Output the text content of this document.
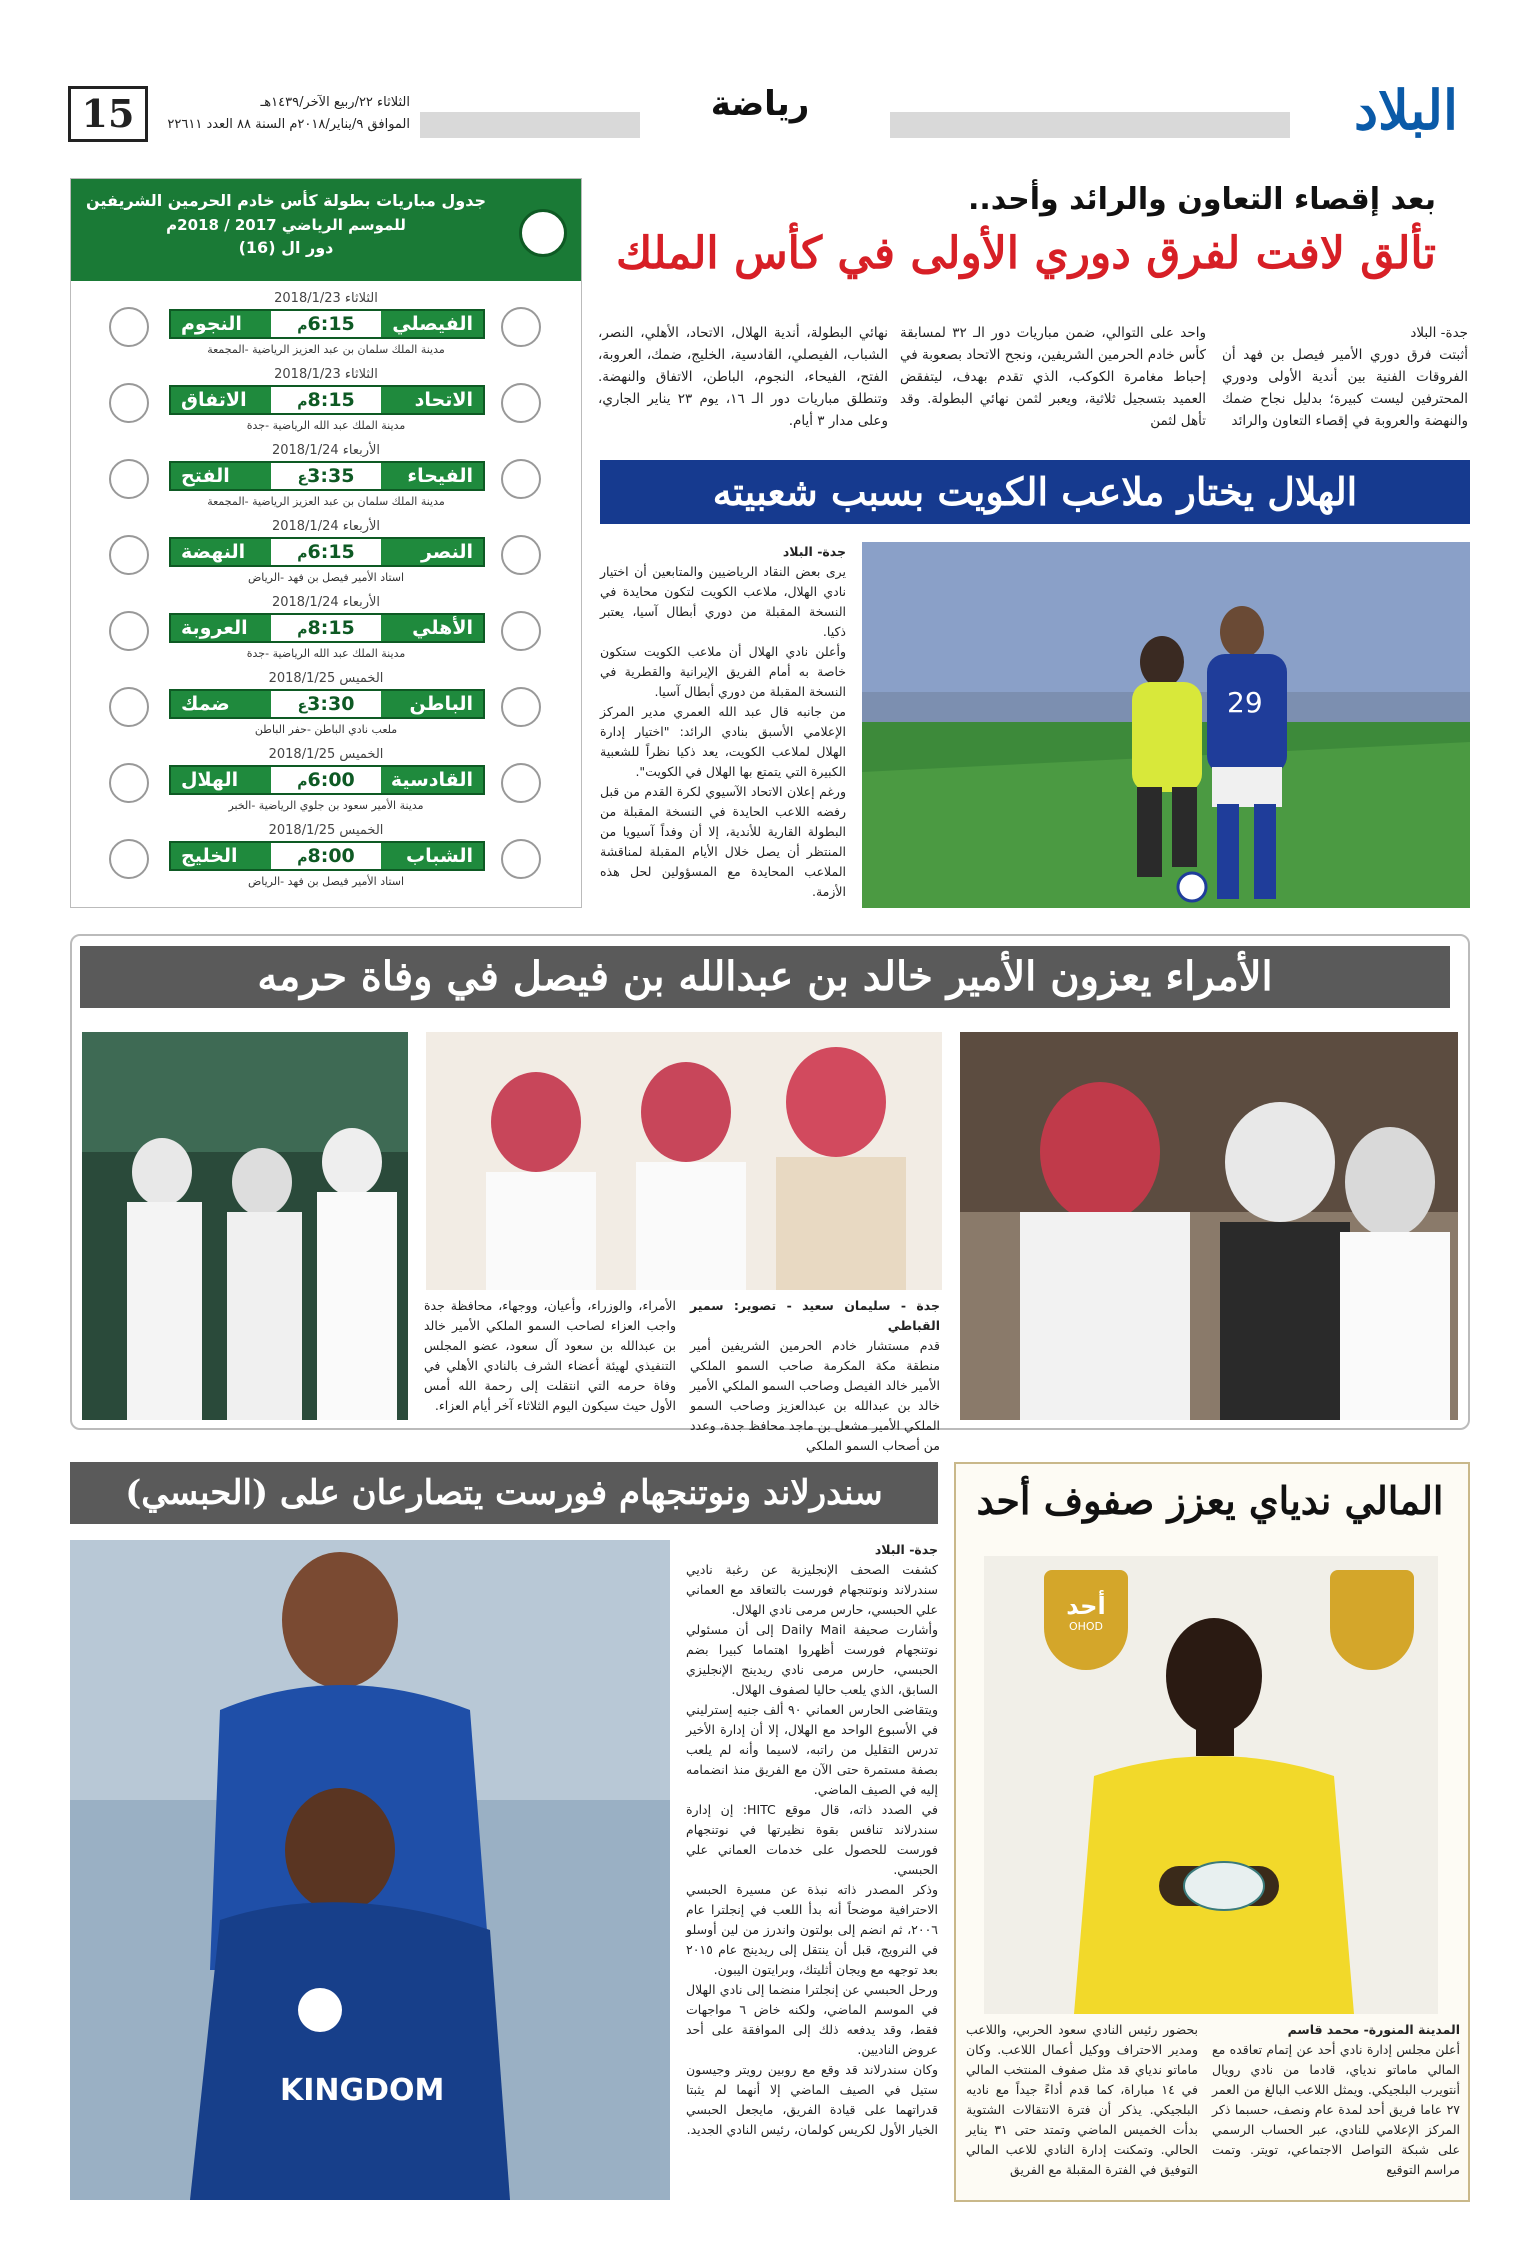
البلاد
رياضة
15	الثلاثاء ٢٢/ربيع الآخر/١٤٣٩هـ
الموافق ٩/يناير/٢٠١٨م السنة ٨٨ العدد ٢٢٦١١
بعد إقصاء التعاون والرائد وأحد..
تألق لافت لفرق دوري الأولى في كأس الملك
جدة- البلاد
أثبتت فرق دوري الأمير فيصل بن فهد أن الفروقات الفنية بين أندية الأولى ودوري المحترفين ليست كبيرة؛ بدليل نجاح ضمك والنهضة والعروبة في إقصاء التعاون والرائد
واحد على التوالي، ضمن مباريات دور الـ ٣٢ لمسابقة كأس خادم الحرمين الشريفين، ونجح الاتحاد بصعوبة في إحباط مغامرة الكوكب، الذي تقدم بهدف، ليتفقض العميد بتسجيل ثلاثية، ويعبر لثمن نهائي البطولة. وقد تأهل لثمن
نهائي البطولة، أندية الهلال، الاتحاد، الأهلي، النصر، الشباب، الفيصلي، القادسية، الخليج، ضمك، العروبة، الفتح، الفيحاء، النجوم، الباطن، الاتفاق والنهضة. وتنطلق مباريات دور الـ ١٦، يوم ٢٣ يناير الجاري، وعلى مدار ٣ أيام.
الهلال يختار ملاعب الكويت بسبب شعبيته
29
جدة- البلاد
يرى بعض النقاد الرياضيين والمتابعين أن اختيار نادي الهلال، ملاعب الكويت لتكون محايدة في النسخة المقبلة من دوري أبطال آسيا، يعتبر ذكيا.
وأعلن نادي الهلال أن ملاعب الكويت ستكون خاصة به أمام الفريق الإيرانية والقطرية في النسخة المقبلة من دوري أبطال آسيا.
من جانبه قال عبد الله العمري مدير المركز الإعلامي الأسبق بنادي الرائد: "اختيار إدارة الهلال لملاعب الكويت، يعد ذكيا نظراً للشعبية الكبيرة التي يتمتع بها الهلال في الكويت".
ورغم إعلان الاتحاد الآسيوي لكرة القدم من قبل رفضه اللاعب الحايدة في النسخة المقبلة من البطولة القارية للأندية، إلا أن وفداً آسيويا من المنتظر أن يصل خلال الأيام المقبلة لمناقشة الملاعب المحايدة مع المسؤولين لحل هذه الأزمة.
جدول مباريات بطولة كأس خادم الحرمين الشريفين
للموسم الرياضي 2017 / 2018م
دور ال (16)
الثلاثاء 2018/1/23
الفيصلي
6:15م
النجوم
مدينة الملك سلمان بن عبد العزيز الرياضية -المجمعة
الثلاثاء 2018/1/23
الاتحاد
8:15م
الاتفاق
مدينة الملك عبد الله الرياضية -جدة
الأربعاء 2018/1/24
الفيحاء
3:35ع
الفتح
مدينة الملك سلمان بن عبد العزيز الرياضية -المجمعة
الأربعاء 2018/1/24
النصر
6:15م
النهضة
استاد الأمير فيصل بن فهد -الرياض
الأربعاء 2018/1/24
الأهلي
8:15م
العروبة
مدينة الملك عبد الله الرياضية -جدة
الخميس 2018/1/25
الباطن
3:30ع
ضمك
ملعب نادي الباطن -حفر الباطن
الخميس 2018/1/25
القادسية
6:00م
الهلال
مدينة الأمير سعود بن جلوي الرياضية -الخبر
الخميس 2018/1/25
الشباب
8:00م
الخليج
استاد الأمير فيصل بن فهد -الرياض
الأمراء يعزون الأمير خالد بن عبدالله بن فيصل في وفاة حرمه
جدة - سليمان سعيد - تصوير: سمير القباطي
قدم مستشار خادم الحرمين الشريفين أمير منطقة مكة المكرمة صاحب السمو الملكي الأمير خالد الفيصل وصاحب السمو الملكي الأمير خالد بن عبدالله بن عبدالعزيز وصاحب السمو الملكي الأمير مشعل بن ماجد محافظ جدة، وعدد من أصحاب السمو الملكي
الأمراء، والوزراء، وأعيان، ووجهاء، محافظة جدة واجب العزاء لصاحب السمو الملكي الأمير خالد بن عبدالله بن سعود آل سعود، عضو المجلس التنفيذي لهيئة أعضاء الشرف بالنادي الأهلي في وفاة حرمه التي انتقلت إلى رحمة الله أمس الأول حيث سيكون اليوم الثلاثاء آخر أيام العزاء.
المالي ندياي يعزز صفوف أحد
أحد
OHOD
المدينة المنورة- محمد قاسم
أعلن مجلس إدارة نادي أحد عن إتمام تعاقده مع المالي ماماتو ندياي، قادما من نادي رويال أنتويرب البلجيكي. ويمثل اللاعب البالغ من العمر ٢٧ عاما فريق أحد لمدة عام ونصف، حسبما ذكر المركز الإعلامي للنادي، عبر الحساب الرسمي على شبكة التواصل الاجتماعي، تويتر. وتمت مراسم التوقيع
بحضور رئيس النادي سعود الحربي، واللاعب ومدير الاحتراف ووكيل أعمال اللاعب. وكان ماماتو ندياي قد مثل صفوف المنتخب المالي في ١٤ مباراة، كما قدم أداءً جيداً مع ناديه البلجيكي. يذكر أن فترة الانتقالات الشتوية بدأت الخميس الماضي وتمتد حتى ٣١ يناير الحالي. وتمكنت إدارة النادي للاعب المالي التوفيق في الفترة المقبلة مع الفريق
سندرلاند ونوتنجهام فورست يتصارعان على (الحبسي)
KINGDOM
جدة- البلاد
كشفت الصحف الإنجليزية عن رغبة ناديي سندرلاند ونوتنجهام فورست بالتعاقد مع العماني علي الحبسي، حارس مرمى نادي الهلال.
وأشارت صحيفة Daily Mail إلى أن مسئولي نوتنجهام فورست أظهروا اهتماما كبيرا بضم الحبسي، حارس مرمى نادي ريدينج الإنجليزي السابق، الذي يلعب حاليا لصفوف الهلال.
ويتقاضى الحارس العماني ٩٠ ألف جنيه إسترليني في الأسبوع الواحد مع الهلال، إلا أن إدارة الأخير تدرس التقليل من راتبه، لاسيما وأنه لم يلعب بصفة مستمرة حتى الآن مع الفريق منذ انضمامه إليه في الصيف الماضي.
في الصدد ذاته، قال موقع HITC: إن إدارة سندرلاند تنافس بقوة نظيرتها في نوتنجهام فورست للحصول على خدمات العماني علي الحبسي.
وذكر المصدر ذاته نبذة عن مسيرة الحبسي الاحترافية موضحاً أنه بدأ اللعب في إنجلترا عام ٢٠٠٦، ثم انضم إلى بولتون واندرز من لين أوسلو في النرويج، قبل أن ينتقل إلى ريدينج عام ٢٠١٥ بعد توجهه مع ويجان أثليتك، وبرايتون اليبون.
ورحل الحبسي عن إنجلترا منضما إلى نادي الهلال في الموسم الماضي، ولكنه خاض ٦ مواجهات فقط، وقد يدفعه ذلك إلى الموافقة على أحد عروض الناديين.
وكان سندرلاند قد وقع مع روبين رويتر وجيسون ستيل في الصيف الماضي إلا أنهما لم يثبتا قدراتهما على قيادة الفريق، مايجعل الحبسي الخيار الأول لكريس كولمان، رئيس النادي الجديد.
